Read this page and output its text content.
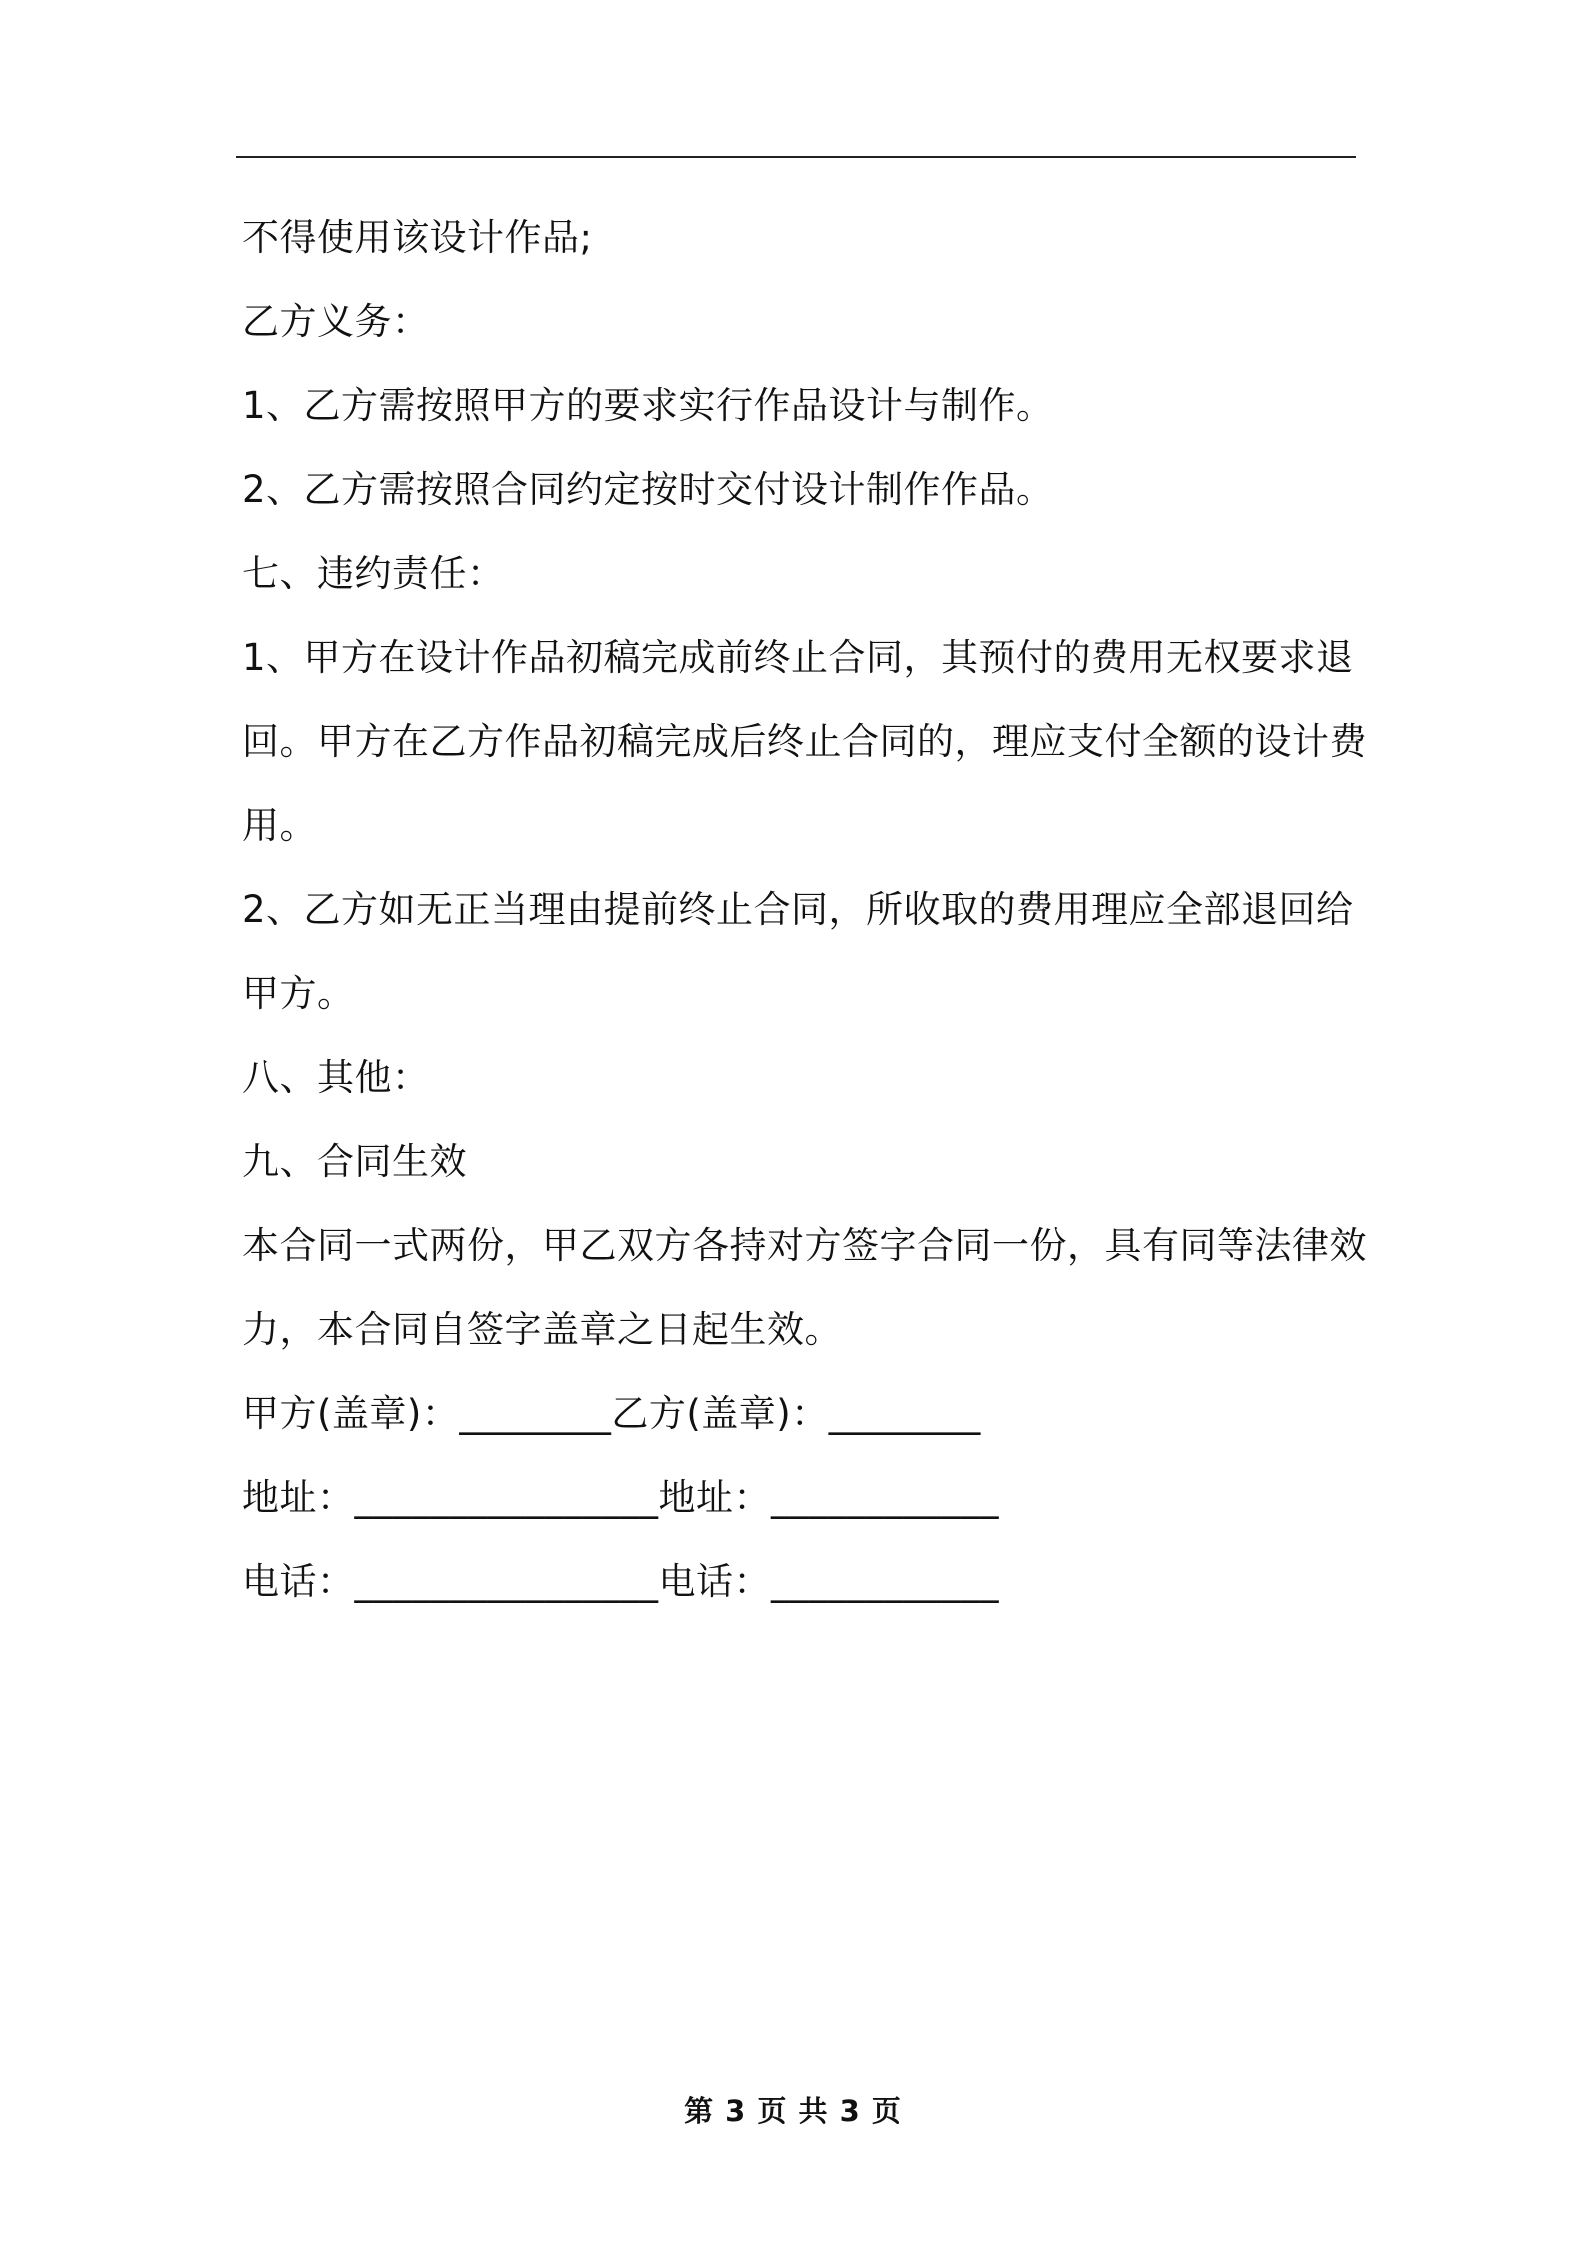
不得使用该设计作品;
乙方义务：
1、乙方需按照甲方的要求实行作品设计与制作。
2、乙方需按照合同约定按时交付设计制作作品。
七、违约责任：
1、甲方在设计作品初稿完成前终止合同，其预付的费用无权要求退
回。甲方在乙方作品初稿完成后终止合同的，理应支付全额的设计费
用。
2、乙方如无正当理由提前终止合同，所收取的费用理应全部退回给
甲方。
八、其他：
九、合同生效
本合同一式两份，甲乙双方各持对方签字合同一份，具有同等法律效
力，本合同自签字盖章之日起生效。
甲方(盖章)：________乙方(盖章)：________
地址：________________地址：____________
电话：________________电话：____________
第 3 页 共 3 页
